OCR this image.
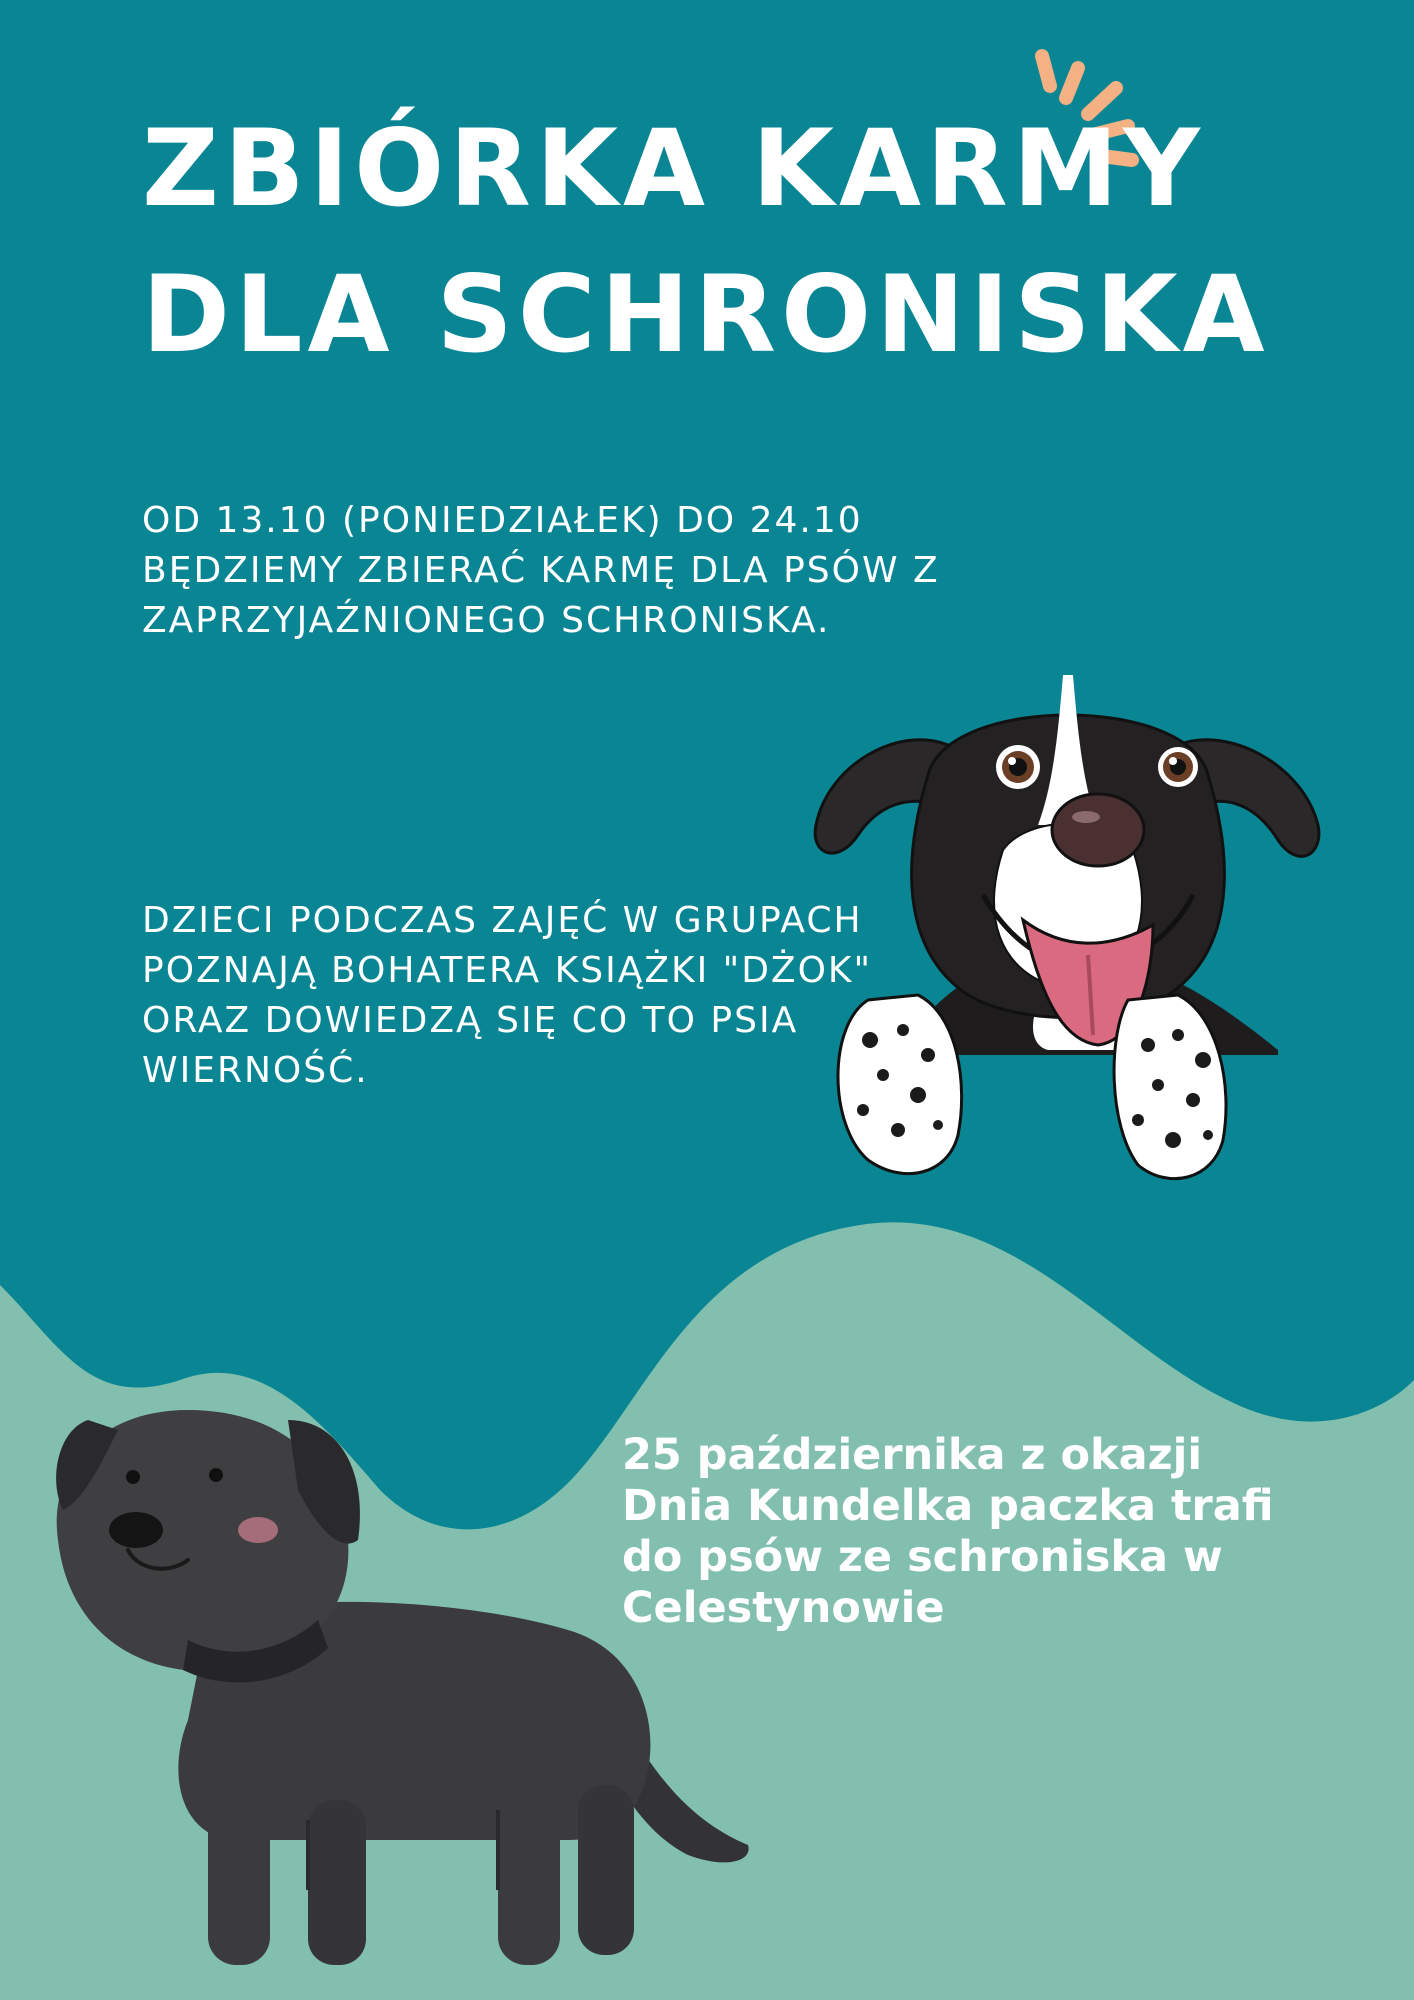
ZBIÓRKA KARMY
DLA SCHRONISKA

OD 13.10 (PONIEDZIAŁEK) DO 24.10
BĘDZIEMY ZBIERAĆ KARMĘ DLA PSÓW Z
ZAPRZYJAŹNIONEGO SCHRONISKA.

DZIECI PODCZAS ZAJĘĆ W GRUPACH
POZNAJĄ BOHATERA KSIĄŻKI "DŻOK"
ORAZ DOWIEDZĄ SIĘ CO TO PSIA
WIERNOŚĆ.

25 października z okazji
Dnia Kundelka paczka trafi
do psów ze schroniska w
Celestynowie
